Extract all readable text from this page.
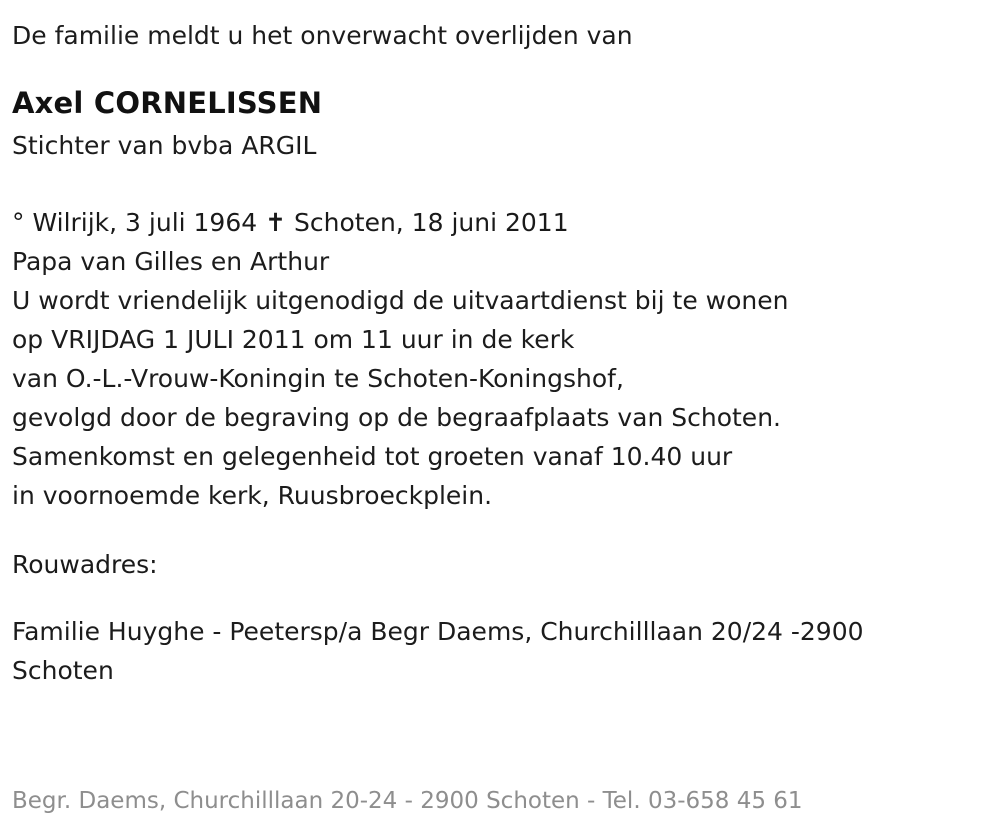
De familie meldt u het onverwacht overlijden van
Axel CORNELISSEN
Stichter van bvba ARGIL
° Wilrijk, 3 juli 1964 ✝ Schoten, 18 juni 2011
Papa van Gilles en Arthur
U wordt vriendelijk uitgenodigd de uitvaartdienst bij te wonen
op VRIJDAG 1 JULI 2011 om 11 uur in de kerk
van O.-L.-Vrouw-Koningin te Schoten-Koningshof,
gevolgd door de begraving op de begraafplaats van Schoten.
Samenkomst en gelegenheid tot groeten vanaf 10.40 uur
in voornoemde kerk, Ruusbroeckplein.
Rouwadres:
Familie Huyghe - Peetersp/a Begr Daems, Churchilllaan 20/24 -2900
Schoten
Begr. Daems, Churchilllaan 20-24 - 2900 Schoten - Tel. 03-658 45 61
